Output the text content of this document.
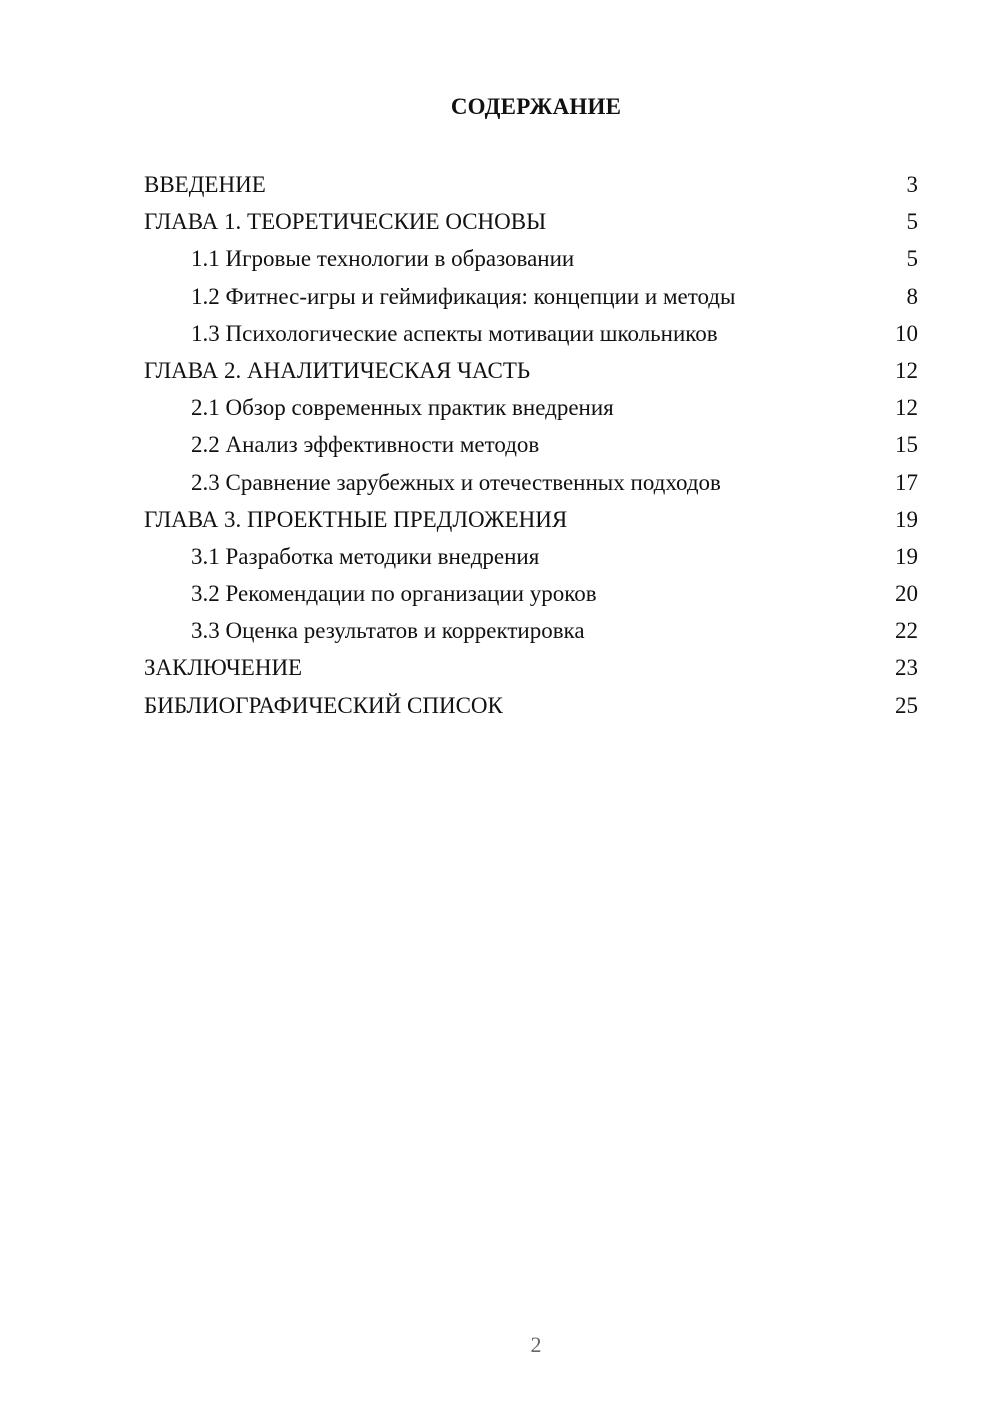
СОДЕРЖАНИЕ
ВВЕДЕНИЕ	3
ГЛАВА 1. ТЕОРЕТИЧЕСКИЕ ОСНОВЫ	5
1.1 Игровые технологии в образовании	5
1.2 Фитнес-игры и геймификация: концепции и методы	8
1.3 Психологические аспекты мотивации школьников	10
ГЛАВА 2. АНАЛИТИЧЕСКАЯ ЧАСТЬ	12
2.1 Обзор современных практик внедрения	12
2.2 Анализ эффективности методов	15
2.3 Сравнение зарубежных и отечественных подходов	17
ГЛАВА 3. ПРОЕКТНЫЕ ПРЕДЛОЖЕНИЯ	19
3.1 Разработка методики внедрения	19
3.2 Рекомендации по организации уроков	20
3.3 Оценка результатов и корректировка	22
ЗАКЛЮЧЕНИЕ	23
БИБЛИОГРАФИЧЕСКИЙ СПИСОК	25
2
